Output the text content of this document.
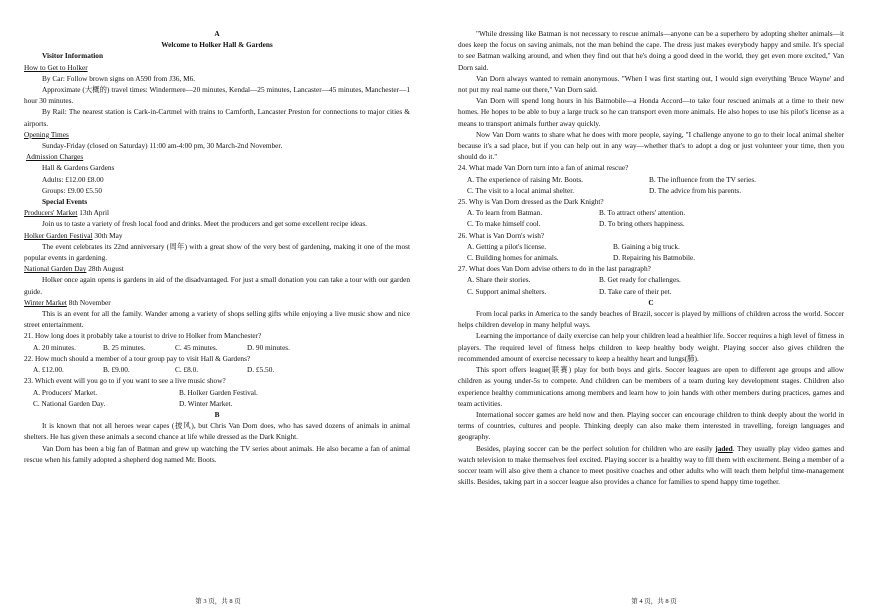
A

Welcome to Holker Hall & Gardens

Visitor Information

How to Get to Holker

By Car: Follow brown signs on A590 from J36, M6.

Approximate (大概的) travel times: Windermere—20 minutes, Kendal—25 minutes, Lancaster—45 minutes, Manchester—1 hour 30 minutes.

By Rail: The nearest station is Cark-in-Cartmel with trains to Carnforth, Lancaster Preston for connections to major cities & airports.

Opening Times

Sunday-Friday (closed on Saturday) 11:00 am-4:00 pm, 30 March-2nd November.

Admission Charges

Hall & Gardens Gardens

Adults: £12.00 £8.00

Groups: £9.00 £5.50

Special Events

Producers' Market 13th April

Join us to taste a variety of fresh local food and drinks. Meet the producers and get some excellent recipe ideas.

Holker Garden Festival 30th May

The event celebrates its 22nd anniversary (周年) with a great show of the very best of gardening, making it one of the most popular events in gardening.

National Garden Day 28th August

Holker once again opens is gardens in aid of the disadvantaged. For just a small donation you can take a tour with our garden guide.

Winter Market 8th November

This is an event for all the family. Wander among a variety of shops selling gifts while enjoying a live music show and nice street entertainment.

21. How long does it probably take a tourist to drive to Holker from Manchester?

A. 20 minutes.	B. 25 minutes.	C. 45 minutes.	D. 90 minutes.

22. How much should a member of a tour group pay to visit Hall & Gardens?

A. £12.00.	B. £9.00.	C. £8.0.	D. £5.50.

23. Which event will you go to if you want to see a live music show?

A. Producers' Market.	B. Holker Garden Festival.
C. National Garden Day.	D. Winter Market.

B

It is known that not all heroes wear capes (披风), but Chris Van Dorn does, who has saved dozens of animals in animal shelters. He has given these animals a second chance at life while dressed as the Dark Knight.

Van Dorn has been a big fan of Batman and grew up watching the TV series about animals. He also became a fan of animal rescue when his family adopted a shepherd dog named Mr. Boots.

第 3 页，共 8 页

"While dressing like Batman is not necessary to rescue animals—anyone can be a superhero by adopting shelter animals—it does keep the focus on saving animals, not the man behind the cape. The dress just makes everybody happy and smile. It's special to see Batman walking around, and when they find out that he's doing a good deed in the world, they get even more excited," Van Dorn said.

Van Dorn always wanted to remain anonymous. "When I was first starting out, I would sign everything 'Bruce Wayne' and not put my real name out there," Van Dorn said.

Van Dorn will spend long hours in his Batmobile—a Honda Accord—to take four rescued animals at a time to their new homes. He hopes to be able to buy a large truck so he can transport even more animals. He also hopes to use his pilot's license as a means to transport animals further away quickly.

Now Van Dorn wants to share what he does with more people, saying, "I challenge anyone to go to their local animal shelter because it's a sad place, but if you can help out in any way—whether that's to adopt a dog or just volunteer your time, then you should do it."

24. What made Van Dorn turn into a fan of animal rescue?

A. The experience of raising Mr. Boots.	B. The influence from the TV series.
C. The visit to a local animal shelter.	D. The advice from his parents.

25. Why is Van Dorn dressed as the Dark Knight?

A. To learn from Batman.	B. To attract others' attention.
C. To make himself cool.	D. To bring others happiness.

26. What is Van Dorn's wish?

A. Getting a pilot's license.	B. Gaining a big truck.
C. Building homes for animals.	D. Repairing his Batmobile.

27. What does Van Dorn advise others to do in the last paragraph?

A. Share their stories.	B. Get ready for challenges.
C. Support animal shelters.	D. Take care of their pet.

C

From local parks in America to the sandy beaches of Brazil, soccer is played by millions of children across the world. Soccer helps children develop in many helpful ways.

Learning the importance of daily exercise can help your children lead a healthier life. Soccer requires a high level of fitness in players. The required level of fitness helps children to keep healthy body weight. Playing soccer also gives children the recommended amount of exercise necessary to keep a healthy heart and lungs(肺).

This sport offers league(联赛) play for both boys and girls. Soccer leagues are open to different age groups and allow children as young under-5s to compete. And children can be members of a team during key development stages. Children also experience healthy communications among members and learn how to join hands with other members during practices, games and team activities.

International soccer games are held now and then. Playing soccer can encourage children to think deeply about the world in terms of countries, cultures and people. Thinking deeply can also make them interested in travelling, foreign languages and geography.

Besides, playing soccer can be the perfect solution for children who are easily jaded. They usually play video games and watch television to make themselves feel excited. Playing soccer is a healthy way to fill them with excitement. Being a member of a soccer team will also give them a chance to meet positive coaches and other adults who will teach them helpful time-management skills. Besides, taking part in a soccer league also provides a chance for families to spend happy time together.

第 4 页，共 8 页
